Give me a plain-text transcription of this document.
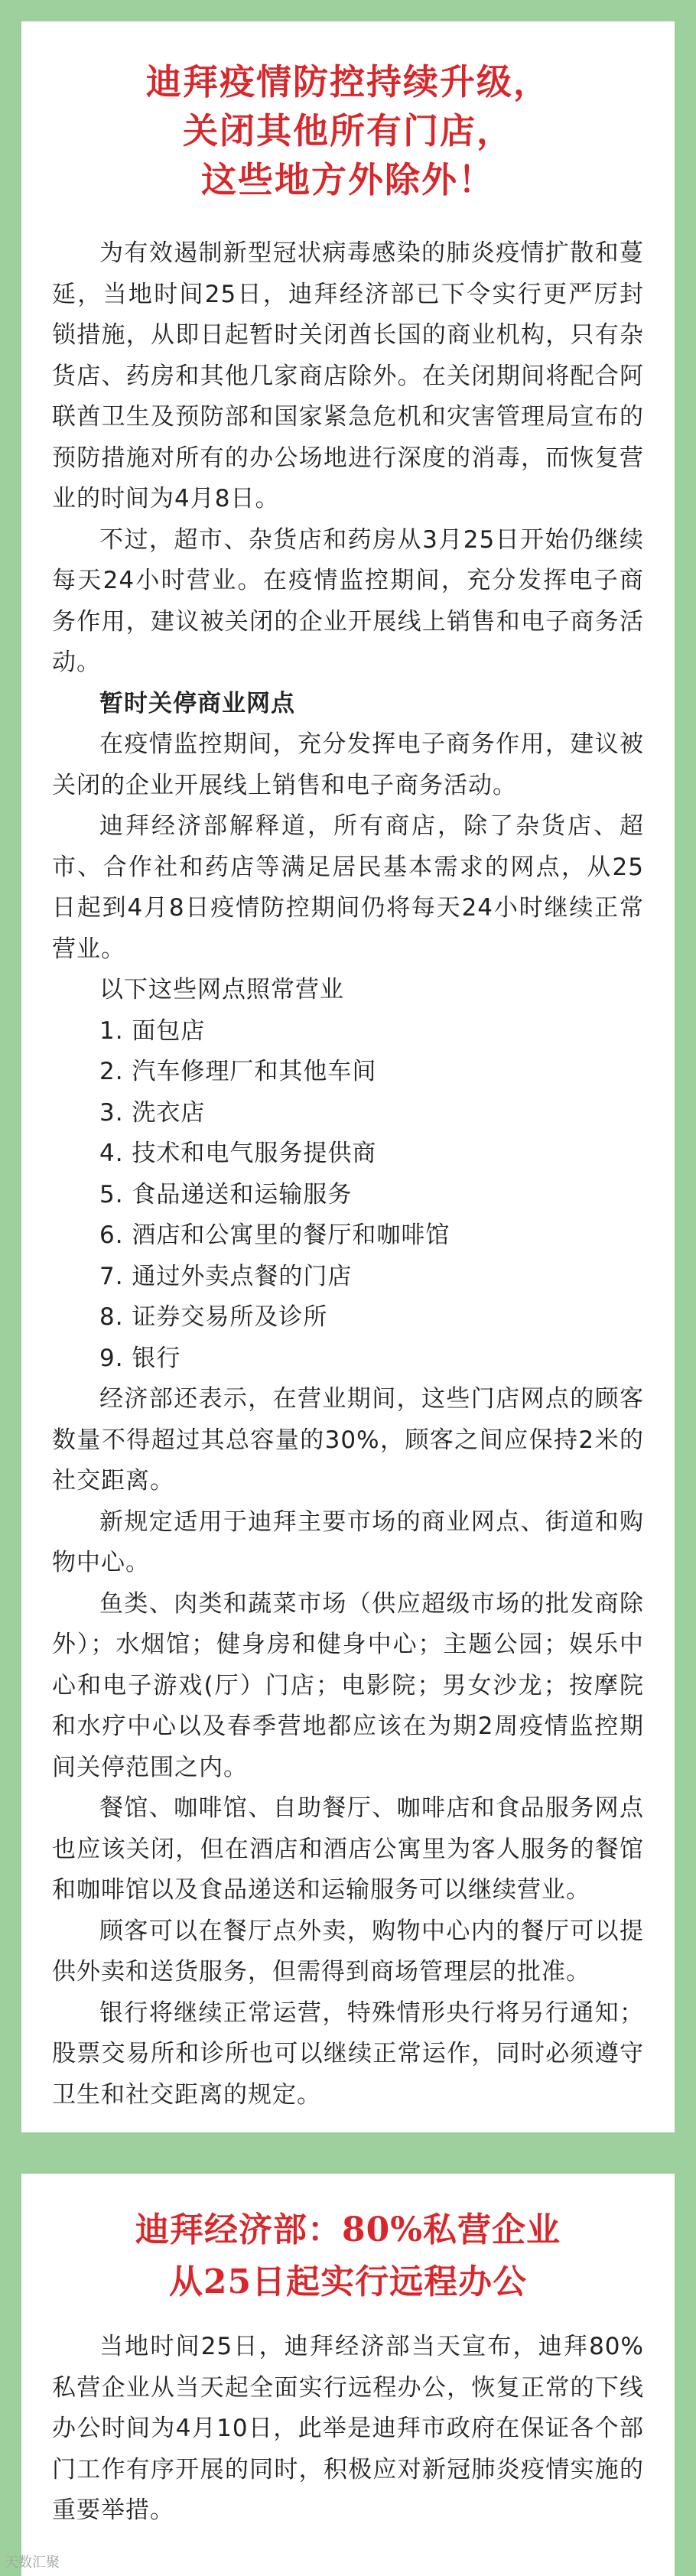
迪拜疫情防控持续升级，
关闭其他所有门店，
这些地方外除外！

为有效遏制新型冠状病毒感染的肺炎疫情扩散和蔓延，当地时间25日，迪拜经济部已下令实行更严厉封锁措施，从即日起暂时关闭酋长国的商业机构，只有杂货店、药房和其他几家商店除外。在关闭期间将配合阿联酋卫生及预防部和国家紧急危机和灾害管理局宣布的预防措施对所有的办公场地进行深度的消毒，而恢复营业的时间为4月8日。

不过，超市、杂货店和药房从3月25日开始仍继续每天24小时营业。在疫情监控期间，充分发挥电子商务作用，建议被关闭的企业开展线上销售和电子商务活动。

暂时关停商业网点

在疫情监控期间，充分发挥电子商务作用，建议被关闭的企业开展线上销售和电子商务活动。

迪拜经济部解释道，所有商店，除了杂货店、超市、合作社和药店等满足居民基本需求的网点，从25日起到4月8日疫情防控期间仍将每天24小时继续正常营业。

以下这些网点照常营业

1. 面包店

2. 汽车修理厂和其他车间

3. 洗衣店

4. 技术和电气服务提供商

5. 食品递送和运输服务

6. 酒店和公寓里的餐厅和咖啡馆

7. 通过外卖点餐的门店

8. 证券交易所及诊所

9. 银行

经济部还表示，在营业期间，这些门店网点的顾客数量不得超过其总容量的30%，顾客之间应保持2米的社交距离。

新规定适用于迪拜主要市场的商业网点、街道和购物中心。

鱼类、肉类和蔬菜市场（供应超级市场的批发商除外）；水烟馆；健身房和健身中心；主题公园；娱乐中心和电子游戏(厅）门店；电影院；男女沙龙；按摩院和水疗中心以及春季营地都应该在为期2周疫情监控期间关停范围之内。

餐馆、咖啡馆、自助餐厅、咖啡店和食品服务网点也应该关闭，但在酒店和酒店公寓里为客人服务的餐馆和咖啡馆以及食品递送和运输服务可以继续营业。

顾客可以在餐厅点外卖，购物中心内的餐厅可以提供外卖和送货服务，但需得到商场管理层的批准。

银行将继续正常运营，特殊情形央行将另行通知；股票交易所和诊所也可以继续正常运作，同时必须遵守卫生和社交距离的规定。

迪拜经济部：80%私营企业
从25日起实行远程办公

当地时间25日，迪拜经济部当天宣布，迪拜80%私营企业从当天起全面实行远程办公，恢复正常的下线办公时间为4月10日，此举是迪拜市政府在保证各个部门工作有序开展的同时，积极应对新冠肺炎疫情实施的重要举措。

天数汇聚
